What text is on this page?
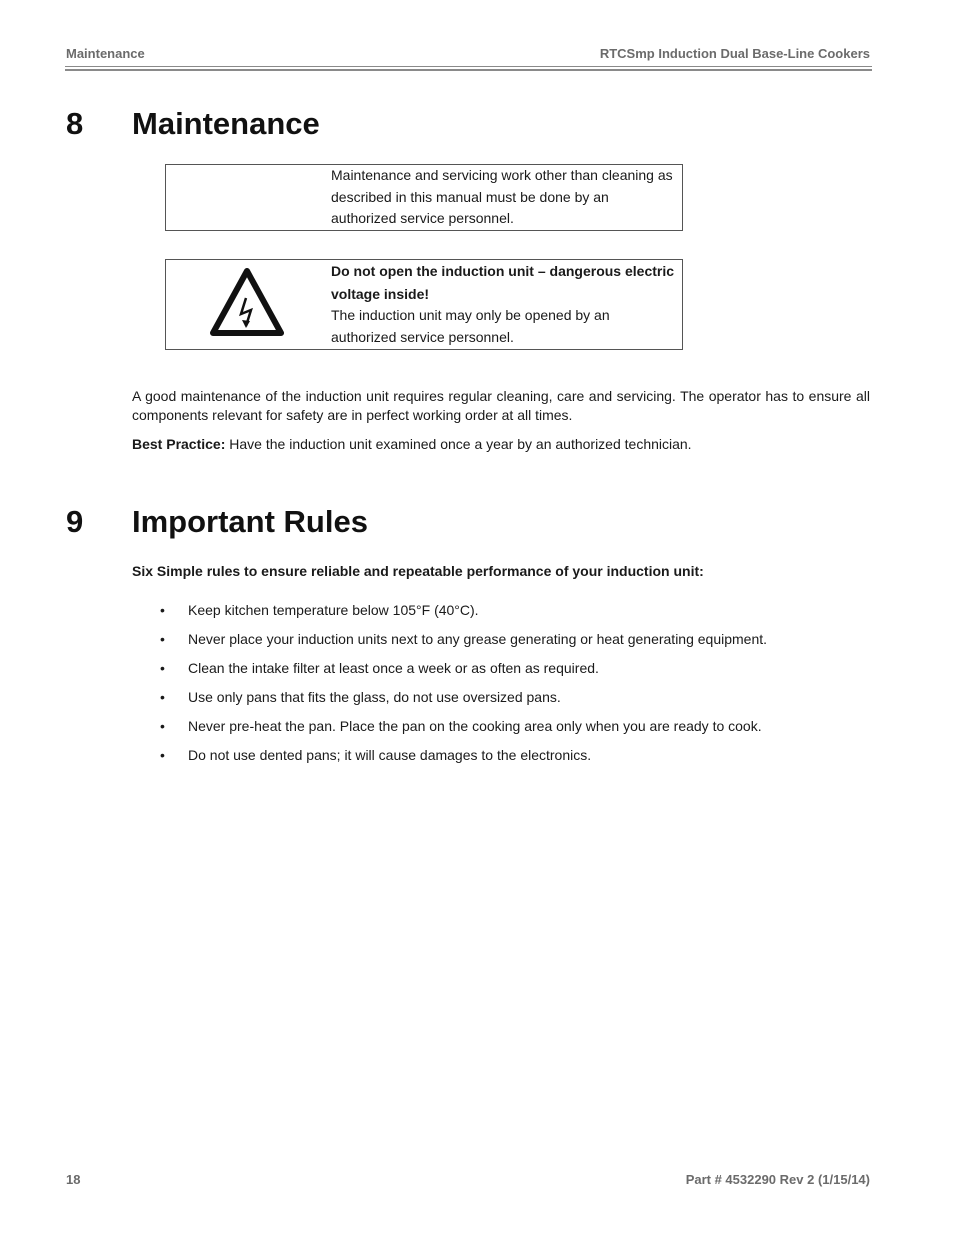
Maintenance	RTCSmp Induction Dual Base-Line Cookers
8 Maintenance
Maintenance and servicing work other than cleaning as described in this manual must be done by an authorized service personnel.
Do not open the induction unit – dangerous electric voltage inside!
The induction unit may only be opened by an authorized service personnel.
A good maintenance of the induction unit requires regular cleaning, care and servicing. The operator has to ensure all components relevant for safety are in perfect working order at all times.
Best Practice: Have the induction unit examined once a year by an authorized technician.
9 Important Rules
Six Simple rules to ensure reliable and repeatable performance of your induction unit:
•	Keep kitchen temperature below 105°F (40°C).
•	Never place your induction units next to any grease generating or heat generating equipment.
•	Clean the intake filter at least once a week or as often as required.
•	Use only pans that fits the glass, do not use oversized pans.
•	Never pre-heat the pan. Place the pan on the cooking area only when you are ready to cook.
•	Do not use dented pans; it will cause damages to the electronics.
18	Part # 4532290 Rev 2 (1/15/14)
